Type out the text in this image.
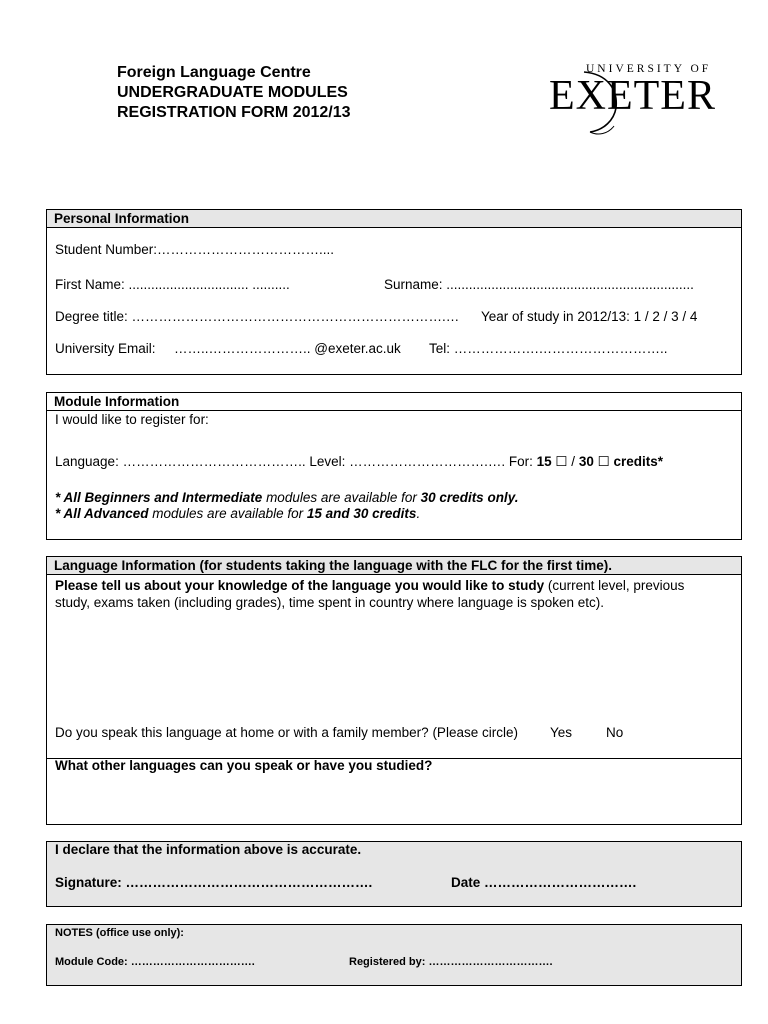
Foreign Language Centre
UNDERGRADUATE MODULES
REGISTRATION FORM 2012/13
UNIVERSITY OF
EXETER
Personal Information
Student Number:………………………………....
First Name: ................................ ..........	Surname: ..................................................................
Degree title: …………………………………………………………….… Year of study in 2012/13: 1 / 2 / 3 / 4
University Email: ……..………………….. @exeter.ac.uk Tel: ……………….………………………..
Module Information
I would like to register for:
Language: ………………………………….. Level: ………………………….…. For: 15 ☐ / 30 ☐ credits*
* All Beginners and Intermediate modules are available for 30 credits only.
* All Advanced modules are available for 15 and 30 credits.
Language Information (for students taking the language with the FLC for the first time).
Please tell us about your knowledge of the language you would like to study (current level, previous
study, exams taken (including grades), time spent in country where language is spoken etc).
Do you speak this language at home or with a family member? (Please circle) Yes	No
What other languages can you speak or have you studied?
I declare that the information above is accurate.
Signature: ……………………………………………….	Date …………………………….
NOTES (office use only):
Module Code: …………………………….	Registered by: …………………………….
